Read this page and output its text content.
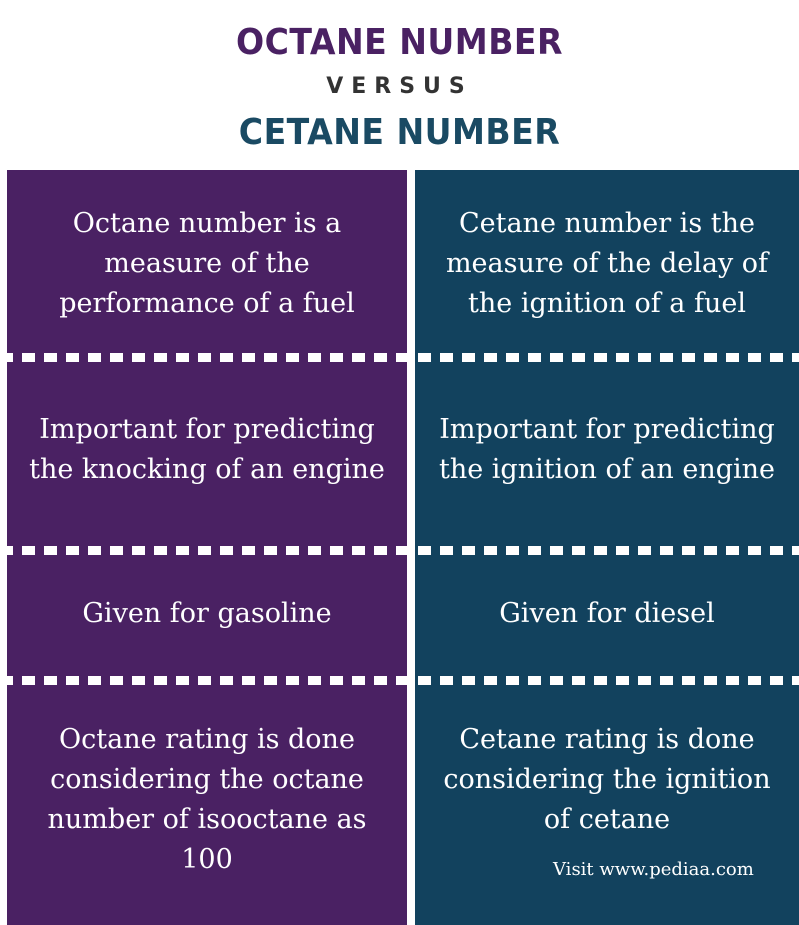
OCTANE NUMBER
VERSUS
CETANE NUMBER
Octane number is a measure of the performance of a fuel
Important for predicting the knocking of an engine
Given for gasoline
Octane rating is done considering the octane number of isooctane as 100
Cetane number is the measure of the delay of the ignition of a fuel
Important for predicting the ignition of an engine
Given for diesel
Cetane rating is done considering the ignition of cetane
Visit www.pediaa.com
